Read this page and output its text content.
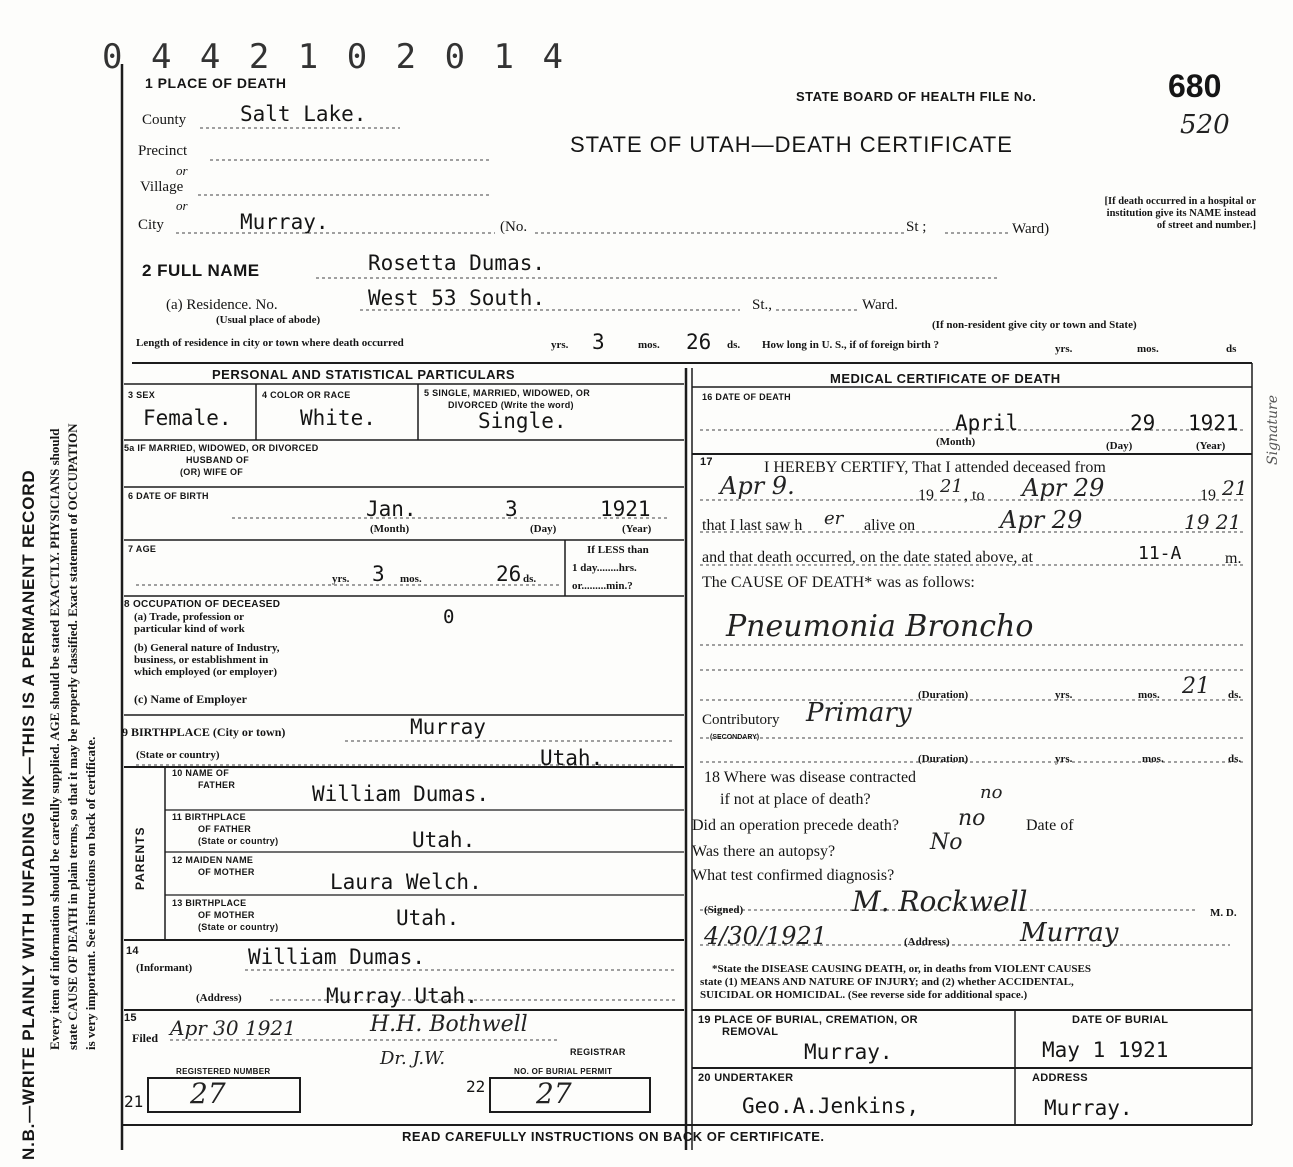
N.B.—WRITE PLAINLY WITH UNFADING INK—THIS IS A PERMANENT RECORD Every item of information should be carefully supplied. AGE should be stated EXACTLY. PHYSICIANS should state CAUSE OF DEATH in plain terms, so that it may be properly classified. Exact statement of OCCUPATION is very important. See instructions on back of certificate.
0 4 4 2 1 0 2 0 1 4
STATE BOARD OF HEALTH FILE No.	680
520
STATE OF UTAH—DEATH CERTIFICATE
[If death occurred in a hospital or institution give its NAME instead of street and number.]
1 PLACE OF DEATH
County	Salt Lake.
Precinct
or
Village
or
City	Murray.	(No.	St ;	Ward)
2 FULL NAME	Rosetta Dumas.
(a) Residence. No.	West 53 South.	St.,	Ward.
(Usual place of abode)	(If non-resident give city or town and State)
Length of residence in city or town where death occurred	yrs. 3	mos. 26 ds. How long in U. S., if of foreign birth ?	yrs.	mos.	ds
PERSONAL AND STATISTICAL PARTICULARS
3 SEX
Female.
4 COLOR OR RACE
White.
5 SINGLE, MARRIED, WIDOWED, OR
DIVORCED (Write the word)
Single.
5a IF MARRIED, WIDOWED, OR DIVORCED
HUSBAND OF
(OR) WIFE OF
6 DATE OF BIRTH
Jan.	3	1921
(Month)	(Day)	(Year)
7 AGE
yrs. 3 mos.	26 ds.
If LESS than
1 day........hrs.
or.........min.?
8 OCCUPATION OF DECEASED
(a) Trade, profession or
particular kind of work
0
(b) General nature of Industry,
business, or establishment in
which employed (or employer)
(c) Name of Employer
9 BIRTHPLACE (City or town)	Murray
(State or country)	Utah.
PARENTS
10 NAME OF
FATHER	William Dumas.
11 BIRTHPLACE
OF FATHER
(State or country)	Utah.
12 MAIDEN NAME
OF MOTHER	Laura Welch.
13 BIRTHPLACE
OF MOTHER
(State or country)	Utah.
14
(Informant)	William Dumas.
(Address)	Murray Utah.
15
Filed Apr 30 1921	H.H. Bothwell
REGISTRAR
Dr. J.W.
REGISTERED NUMBER
21 27
NO. OF BURIAL PERMIT
22 27
MEDICAL CERTIFICATE OF DEATH
16 DATE OF DEATH
April	29 1921
(Month)	(Day)	(Year)
17	I HEREBY CERTIFY, That I attended deceased from
Apr 9.	19 21 , to Apr 29	19 21
that I last saw h er alive on	Apr 29	19 21
and that death occurred, on the date stated above, at	11-A	m.
The CAUSE OF DEATH* was as follows:
Pneumonia Broncho
(Duration)	yrs.	mos. 21 ds.
Contributory
(SECONDARY)
Primary
(Duration)	yrs.	mos.	ds.
18 Where was disease contracted
if not at place of death?	no
Did an operation precede death?	no	Date of
Was there an autopsy?	No
What test confirmed diagnosis?
(Signed)	M. Rockwell	M. D.
4/30/1921	(Address)	Murray
*State the DISEASE CAUSING DEATH, or, in deaths from VIOLENT CAUSES
state (1) MEANS AND NATURE OF INJURY; and (2) whether ACCIDENTAL,
SUICIDAL OR HOMICIDAL. (See reverse side for additional space.)
19 PLACE OF BURIAL, CREMATION, OR
REMOVAL
Murray.
DATE OF BURIAL
May 1 1921
20 UNDERTAKER
Geo.A.Jenkins,
ADDRESS
Murray.
Signature
READ CAREFULLY INSTRUCTIONS ON BACK OF CERTIFICATE.
